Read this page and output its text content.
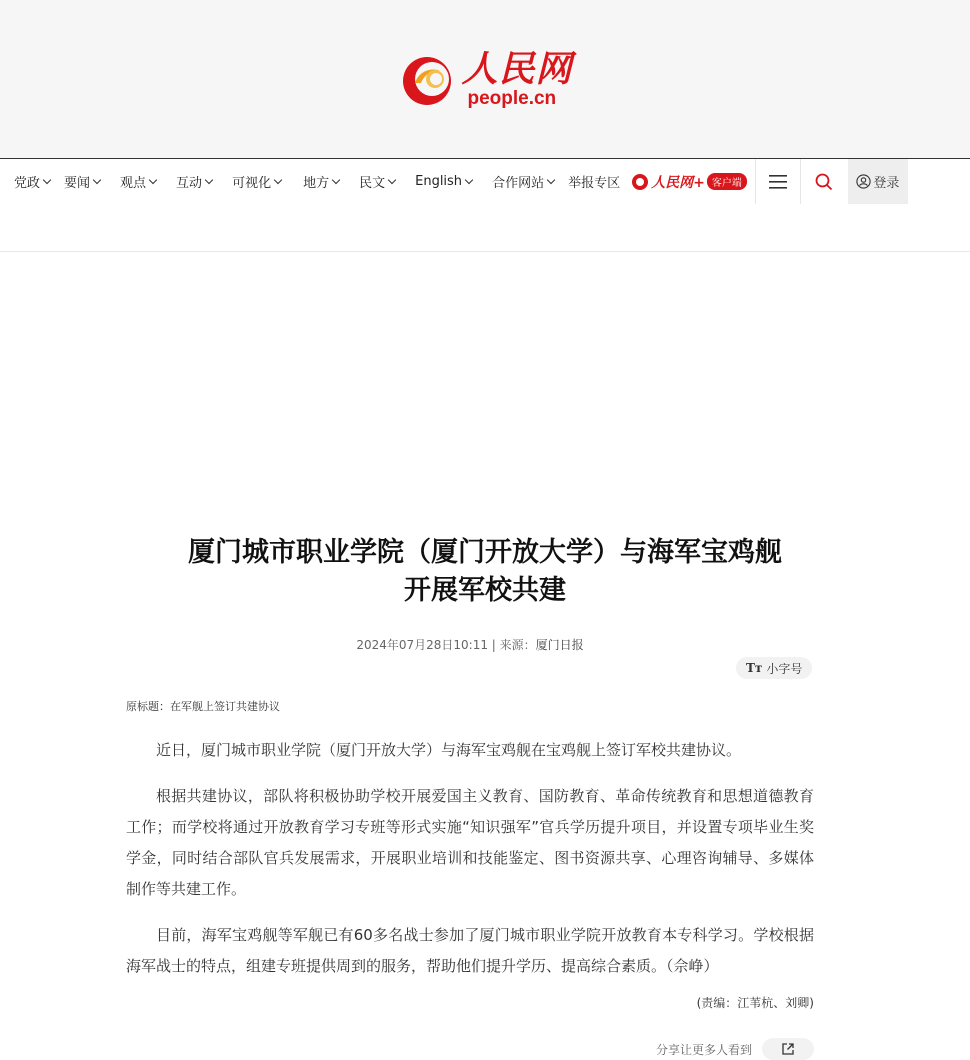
人民网
people.cn
党政 要闻 观点 互动 可视化 地方 民文 English 合作网站 举报专区 人民网+ 客户端	登录
厦门城市职业学院（厦门开放大学）与海军宝鸡舰
开展军校共建
2024年07月28日10:11 | 来源：厦门日报
Tт 小字号
原标题：在军舰上签订共建协议

近日，厦门城市职业学院（厦门开放大学）与海军宝鸡舰在宝鸡舰上签订军校共建协议。

根据共建协议，部队将积极协助学校开展爱国主义教育、国防教育、革命传统教育和思想道德教育工作；而学校将通过开放教育学习专班等形式实施“知识强军”官兵学历提升项目，并设置专项毕业生奖学金，同时结合部队官兵发展需求，开展职业培训和技能鉴定、图书资源共享、心理咨询辅导、多媒体制作等共建工作。

目前，海军宝鸡舰等军舰已有60多名战士参加了厦门城市职业学院开放教育本专科学习。学校根据海军战士的特点，组建专班提供周到的服务，帮助他们提升学历、提高综合素质。（佘峥）

(责编：江苇杭、刘卿)
分享让更多人看到
